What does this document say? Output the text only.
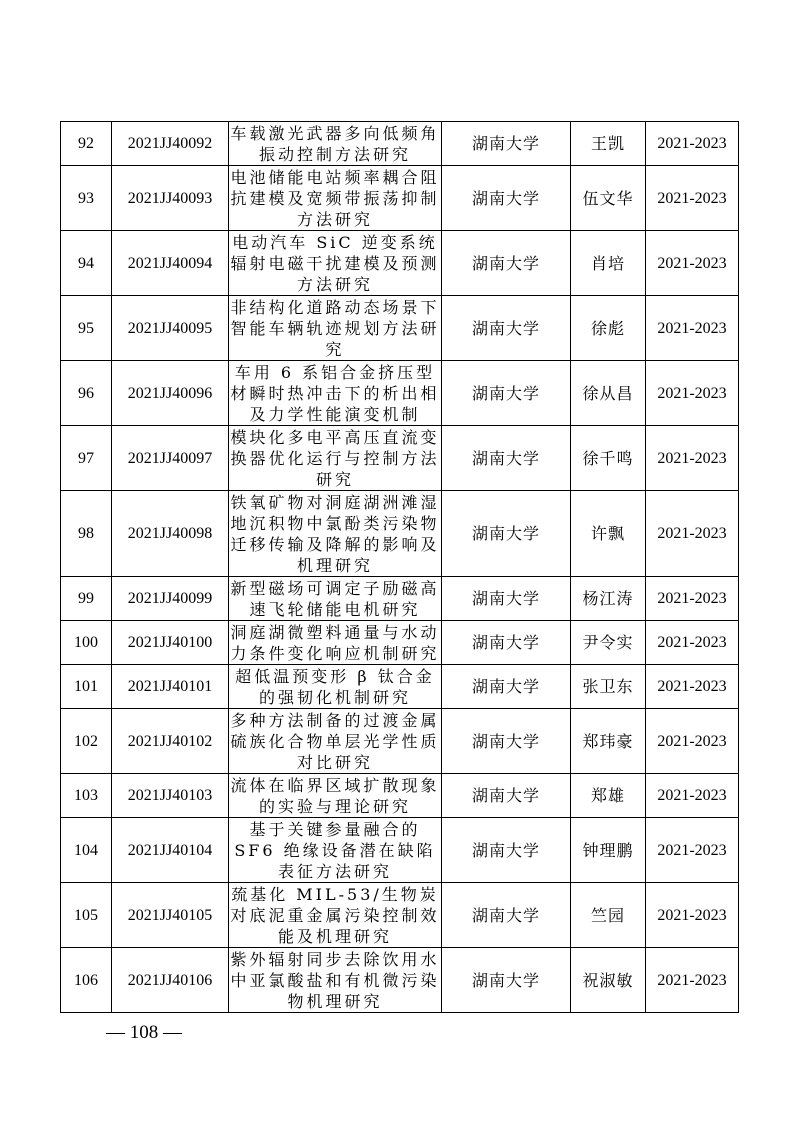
92	2021JJ40092	车载激光武器多向低频角振动控制方法研究	湖南大学	王凯	2021-2023
93	2021JJ40093	电池储能电站频率耦合阻抗建模及宽频带振荡抑制方法研究	湖南大学	伍文华	2021-2023
94	2021JJ40094	电动汽车 SiC 逆变系统辐射电磁干扰建模及预测方法研究	湖南大学	肖培	2021-2023
95	2021JJ40095	非结构化道路动态场景下智能车辆轨迹规划方法研究	湖南大学	徐彪	2021-2023
96	2021JJ40096	车用 6 系铝合金挤压型材瞬时热冲击下的析出相及力学性能演变机制	湖南大学	徐从昌	2021-2023
97	2021JJ40097	模块化多电平高压直流变换器优化运行与控制方法研究	湖南大学	徐千鸣	2021-2023
98	2021JJ40098	铁氧矿物对洞庭湖洲滩湿地沉积物中氯酚类污染物迁移传输及降解的影响及机理研究	湖南大学	许飘	2021-2023
99	2021JJ40099	新型磁场可调定子励磁高速飞轮储能电机研究	湖南大学	杨江涛	2021-2023
100	2021JJ40100	洞庭湖微塑料通量与水动力条件变化响应机制研究	湖南大学	尹令实	2021-2023
101	2021JJ40101	超低温预变形 β 钛合金的强韧化机制研究	湖南大学	张卫东	2021-2023
102	2021JJ40102	多种方法制备的过渡金属硫族化合物单层光学性质对比研究	湖南大学	郑玮豪	2021-2023
103	2021JJ40103	流体在临界区域扩散现象的实验与理论研究	湖南大学	郑雄	2021-2023
104	2021JJ40104	基于关键参量融合的 SF6 绝缘设备潜在缺陷表征方法研究	湖南大学	钟理鹏	2021-2023
105	2021JJ40105	巯基化 MIL-53/生物炭对底泥重金属污染控制效能及机理研究	湖南大学	竺园	2021-2023
106	2021JJ40106	紫外辐射同步去除饮用水中亚氯酸盐和有机微污染物机理研究	湖南大学	祝淑敏	2021-2023
— 108 —
